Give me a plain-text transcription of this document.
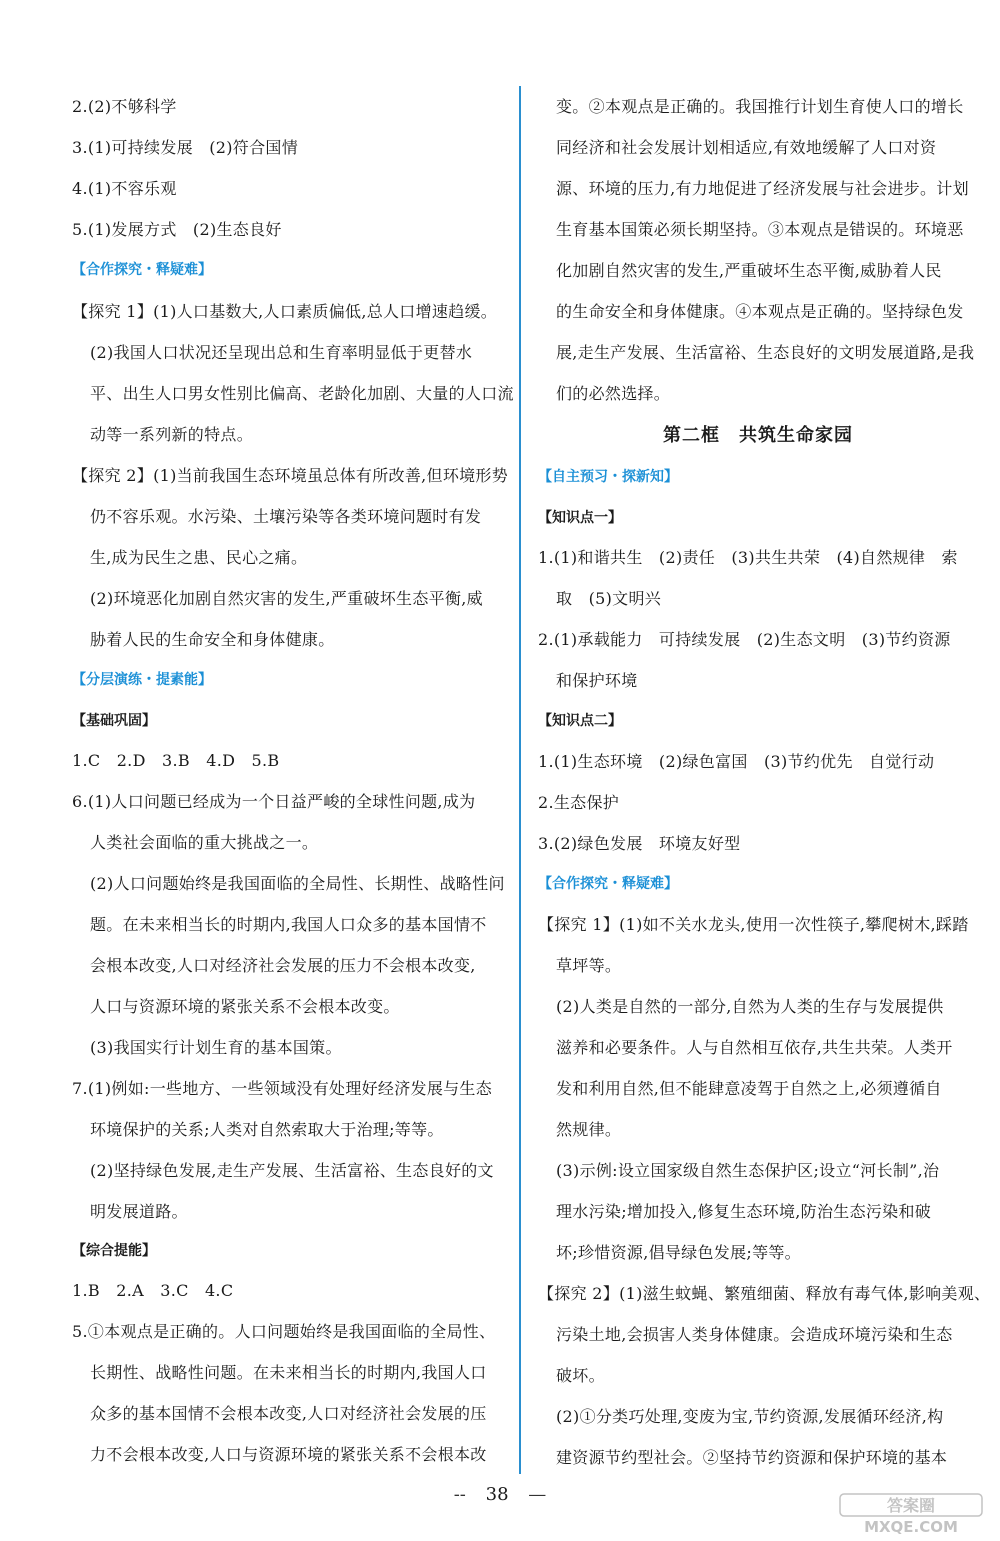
2.(2)不够科学
3.(1)可持续发展　(2)符合国情
4.(1)不容乐观
5.(1)发展方式　(2)生态良好
【合作探究・释疑难】
【探究 1】(1)人口基数大,人口素质偏低,总人口增速趋缓。
(2)我国人口状况还呈现出总和生育率明显低于更替水
平、出生人口男女性别比偏高、老龄化加剧、大量的人口流
动等一系列新的特点。
【探究 2】(1)当前我国生态环境虽总体有所改善,但环境形势
仍不容乐观。水污染、土壤污染等各类环境问题时有发
生,成为民生之患、民心之痛。
(2)环境恶化加剧自然灾害的发生,严重破坏生态平衡,威
胁着人民的生命安全和身体健康。
【分层演练・提素能】
【基础巩固】
1.C　2.D　3.B　4.D　5.B
6.(1)人口问题已经成为一个日益严峻的全球性问题,成为
人类社会面临的重大挑战之一。
(2)人口问题始终是我国面临的全局性、长期性、战略性问
题。在未来相当长的时期内,我国人口众多的基本国情不
会根本改变,人口对经济社会发展的压力不会根本改变,
人口与资源环境的紧张关系不会根本改变。
(3)我国实行计划生育的基本国策。
7.(1)例如:一些地方、一些领域没有处理好经济发展与生态
环境保护的关系;人类对自然索取大于治理;等等。
(2)坚持绿色发展,走生产发展、生活富裕、生态良好的文
明发展道路。
【综合提能】
1.B　2.A　3.C　4.C
5.①本观点是正确的。人口问题始终是我国面临的全局性、
长期性、战略性问题。在未来相当长的时期内,我国人口
众多的基本国情不会根本改变,人口对经济社会发展的压
力不会根本改变,人口与资源环境的紧张关系不会根本改
变。②本观点是正确的。我国推行计划生育使人口的增长
同经济和社会发展计划相适应,有效地缓解了人口对资
源、环境的压力,有力地促进了经济发展与社会进步。计划
生育基本国策必须长期坚持。③本观点是错误的。环境恶
化加剧自然灾害的发生,严重破坏生态平衡,威胁着人民
的生命安全和身体健康。④本观点是正确的。坚持绿色发
展,走生产发展、生活富裕、生态良好的文明发展道路,是我
们的必然选择。
第二框　共筑生命家园
【自主预习・探新知】
【知识点一】
1.(1)和谐共生　(2)责任　(3)共生共荣　(4)自然规律　索
取　(5)文明兴
2.(1)承载能力　可持续发展　(2)生态文明　(3)节约资源
和保护环境
【知识点二】
1.(1)生态环境　(2)绿色富国　(3)节约优先　自觉行动
2.生态保护
3.(2)绿色发展　环境友好型
【合作探究・释疑难】
【探究 1】(1)如不关水龙头,使用一次性筷子,攀爬树木,踩踏
草坪等。
(2)人类是自然的一部分,自然为人类的生存与发展提供
滋养和必要条件。人与自然相互依存,共生共荣。人类开
发和利用自然,但不能肆意凌驾于自然之上,必须遵循自
然规律。
(3)示例:设立国家级自然生态保护区;设立“河长制”,治
理水污染;增加投入,修复生态环境,防治生态污染和破
坏;珍惜资源,倡导绿色发展;等等。
【探究 2】(1)滋生蚊蝇、繁殖细菌、释放有毒气体,影响美观、
污染土地,会损害人类身体健康。会造成环境污染和生态
破坏。
(2)①分类巧处理,变废为宝,节约资源,发展循环经济,构
建资源节约型社会。②坚持节约资源和保护环境的基本
-- 38 —
答案圈
MXQE.COM
